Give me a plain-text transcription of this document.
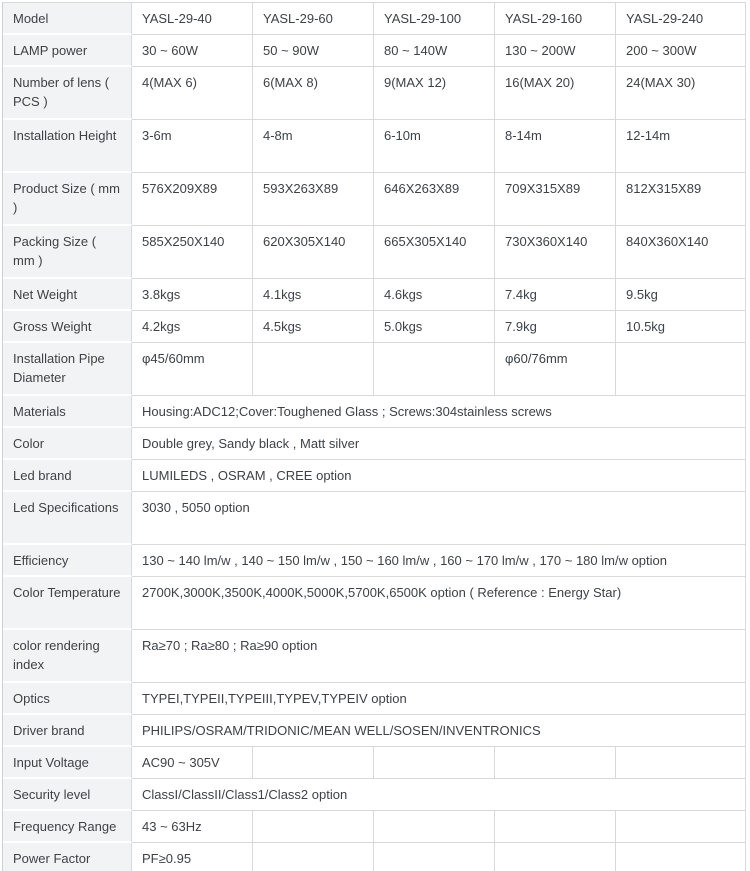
Model	YASL-29-40	YASL-29-60	YASL-29-100	YASL-29-160	YASL-29-240
LAMP power	30 ~ 60W	50 ~ 90W	80 ~ 140W	130 ~ 200W	200 ~ 300W
Number of lens ( PCS )	4(MAX 6)	6(MAX 8)	9(MAX 12)	16(MAX 20)	24(MAX 30)
Installation Height	3-6m	4-8m	6-10m	8-14m	12-14m
Product Size ( mm )	576X209X89	593X263X89	646X263X89	709X315X89	812X315X89
Packing Size ( mm )	585X250X140	620X305X140	665X305X140	730X360X140	840X360X140
Net Weight	3.8kgs	4.1kgs	4.6kgs	7.4kg	9.5kg
Gross Weight	4.2kgs	4.5kgs	5.0kgs	7.9kg	10.5kg
Installation Pipe Diameter	φ45/60mm			φ60/76mm	
Materials	Housing:ADC12;Cover:Toughened Glass ; Screws:304stainless screws				
Color	Double grey, Sandy black , Matt silver				
Led brand	LUMILEDS , OSRAM , CREE option				
Led Specifications	3030 , 5050 option				
Efficiency	130 ~ 140 lm/w , 140 ~ 150 lm/w , 150 ~ 160 lm/w , 160 ~ 170 lm/w , 170 ~ 180 lm/w option				
Color Temperature	2700K,3000K,3500K,4000K,5000K,5700K,6500K option ( Reference : Energy Star)				
color rendering index	Ra≥70 ; Ra≥80 ; Ra≥90 option				
Optics	TYPEI,TYPEII,TYPEIII,TYPEV,TYPEIV option				
Driver brand	PHILIPS/OSRAM/TRIDONIC/MEAN WELL/SOSEN/INVENTRONICS				
Input Voltage	AC90 ~ 305V				
Security level	ClassI/ClassII/Class1/Class2 option				
Frequency Range	43 ~ 63Hz				
Power Factor	PF≥0.95				
